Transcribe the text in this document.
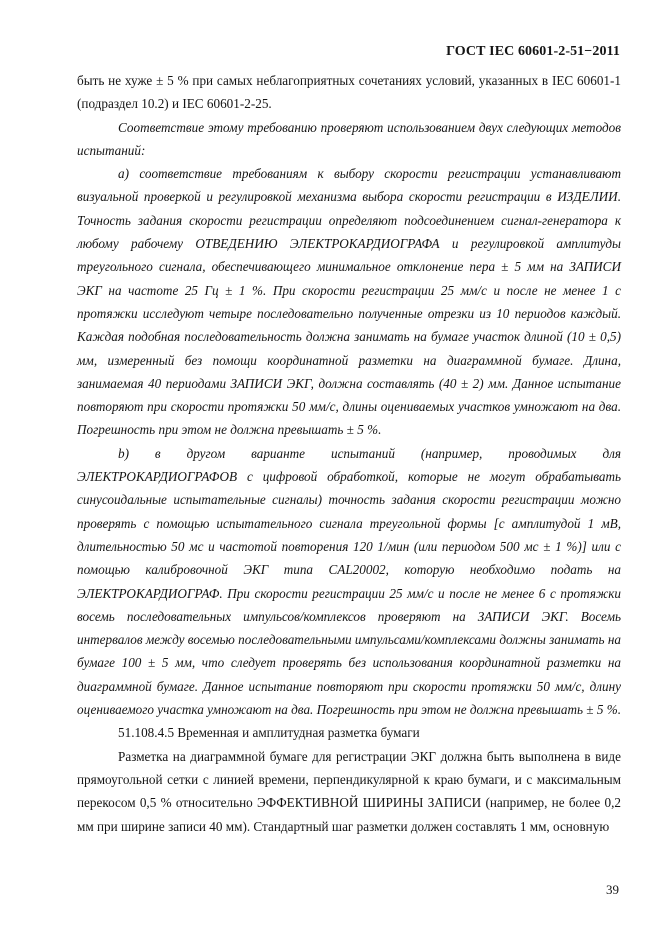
ГОСТ IEC 60601-2-51−2011

быть не хуже ± 5 % при самых неблагоприятных сочетаниях условий, указанных в IEC 60601-1 (подраздел 10.2) и IEC 60601-2-25.

Соответствие этому требованию проверяют использованием двух следующих методов испытаний:

a) соответствие требованиям к выбору скорости регистрации устанавливают визуальной проверкой и регулировкой механизма выбора скорости регистрации в ИЗДЕЛИИ. Точность задания скорости регистрации определяют подсоединением сигнал-генератора к любому рабочему ОТВЕДЕНИЮ ЭЛЕКТРОКАРДИОГРАФА и регулировкой амплитуды треугольного сигнала, обеспечивающего минимальное отклонение пера ± 5 мм на ЗАПИСИ ЭКГ на частоте 25 Гц ± 1 %. При скорости регистрации 25 мм/с и после не менее 1 с протяжки исследуют четыре последовательно полученные отрезки из 10 периодов каждый. Каждая подобная последовательность должна занимать на бумаге участок длиной (10 ± 0,5) мм, измеренный без помощи координатной разметки на диаграммной бумаге. Длина, занимаемая 40 периодами ЗАПИСИ ЭКГ, должна составлять (40 ± 2) мм. Данное испытание повторяют при скорости протяжки 50 мм/с, длины оцениваемых участков умножают на два. Погрешность при этом не должна превышать ± 5 %.

b) в другом варианте испытаний (например, проводимых для ЭЛЕКТРОКАРДИОГРАФОВ с цифровой обработкой, которые не могут обрабатывать синусоидальные испытательные сигналы) точность задания скорости регистрации можно проверять с помощью испытательного сигнала треугольной формы [с амплитудой 1 мВ, длительностью 50 мс и частотой повторения 120 1/мин (или периодом 500 мс ± 1 %)] или с помощью калибровочной ЭКГ типа CAL20002, которую необходимо подать на ЭЛЕКТРОКАРДИОГРАФ. При скорости регистрации 25 мм/с и после не менее 6 с протяжки восемь последовательных импульсов/комплексов проверяют на ЗАПИСИ ЭКГ. Восемь интервалов между восемью последовательными импульсами/комплексами должны занимать на бумаге 100 ± 5 мм, что следует проверять без использования координатной разметки на диаграммной бумаге. Данное испытание повторяют при скорости протяжки 50 мм/с, длину оцениваемого участка умножают на два. Погрешность при этом не должна превышать ± 5 %.

51.108.4.5 Временная и амплитудная разметка бумаги

Разметка на диаграммной бумаге для регистрации ЭКГ должна быть выполнена в виде прямоугольной сетки с линией времени, перпендикулярной к краю бумаги, и с максимальным перекосом 0,5 % относительно ЭФФЕКТИВНОЙ ШИРИНЫ ЗАПИСИ (например, не более 0,2 мм при ширине записи 40 мм). Стандартный шаг разметки должен составлять 1 мм, основную

39
